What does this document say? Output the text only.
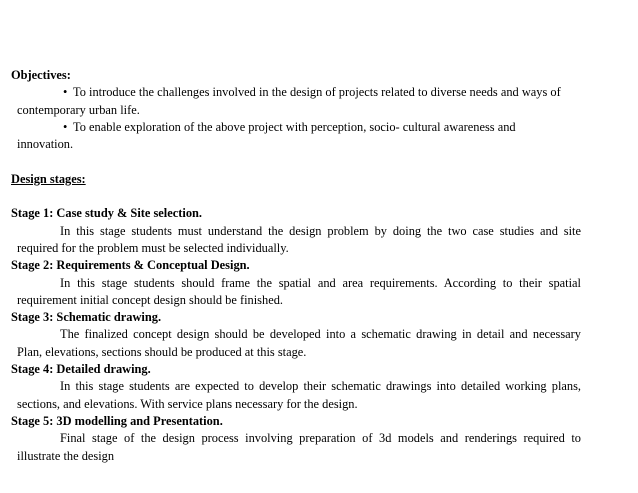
Objectives:
• To introduce the challenges involved in the design of projects related to diverse needs and ways of
contemporary urban life.
• To enable exploration of the above project with perception, socio- cultural awareness and
innovation.
Design stages:
Stage 1: Case study & Site selection.
In this stage students must understand the design problem by doing the two case studies and site
required for the problem must be selected individually.
Stage 2: Requirements & Conceptual Design.
In this stage students should frame the spatial and area requirements. According to their spatial
requirement initial concept design should be finished.
Stage 3: Schematic drawing.
The finalized concept design should be developed into a schematic drawing in detail and necessary
Plan, elevations, sections should be produced at this stage.
Stage 4: Detailed drawing.
In this stage students are expected to develop their schematic drawings into detailed working plans,
sections, and elevations. With service plans necessary for the design.
Stage 5: 3D modelling and Presentation.
Final stage of the design process involving preparation of 3d models and renderings required to
illustrate the design
